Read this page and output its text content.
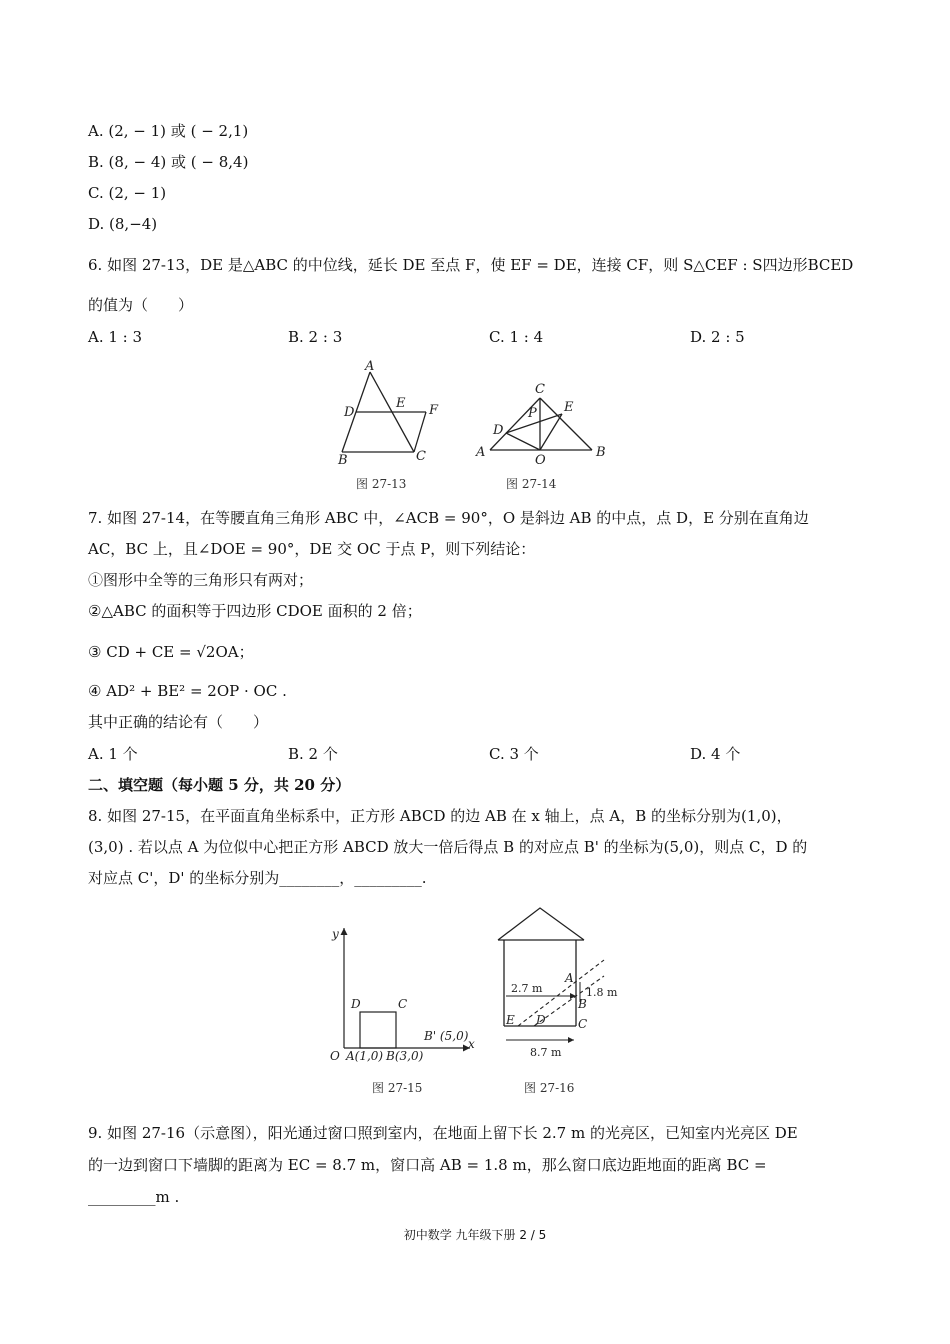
A. (2, − 1) 或 ( − 2,1)
B. (8, − 4) 或 ( − 8,4)
C. (2, − 1)
D. (8,−4)
6. 如图 27-13，DE 是△ABC 的中位线，延长 DE 至点 F，使 EF = DE，连接 CF，则 S△CEF : S四边形BCED
的值为（　　）
A. 1 : 3	B. 2 : 3	C. 1 : 4	D. 2 : 5
A
D
E F
B	C
C
P E
D
A
O
B
图 27-13	图 27-14
7. 如图 27-14，在等腰直角三角形 ABC 中，∠ACB = 90°，O 是斜边 AB 的中点，点 D，E 分别在直角边
AC，BC 上，且∠DOE = 90°，DE 交 OC 于点 P，则下列结论：
①图形中全等的三角形只有两对；
②△ABC 的面积等于四边形 CDOE 面积的 2 倍；
③ CD + CE = √2OA；
④ AD² + BE² = 2OP · OC .
其中正确的结论有（　　）
A. 1 个	B. 2 个	C. 3 个	D. 4 个
二、填空题（每小题 5 分，共 20 分）
8. 如图 27-15，在平面直角坐标系中，正方形 ABCD 的边 AB 在 x 轴上，点 A，B 的坐标分别为(1,0)，
(3,0) . 若以点 A 为位似中心把正方形 ABCD 放大一倍后得点 B 的对应点 B' 的坐标为(5,0)，则点 C，D 的
对应点 C'，D' 的坐标分别为________，_________.
y
x
O A(1,0) B(3,0)
B' (5,0)
D	C
A
B
C
D
E
2.7 m	1.8 m
8.7 m
图 27-15	图 27-16
9. 如图 27-16（示意图），阳光通过窗口照到室内，在地面上留下长 2.7 m 的光亮区，已知室内光亮区 DE
的一边到窗口下墙脚的距离为 EC = 8.7 m，窗口高 AB = 1.8 m，那么窗口底边距地面的距离 BC =
_________m .
初中数学 九年级下册 2 / 5
